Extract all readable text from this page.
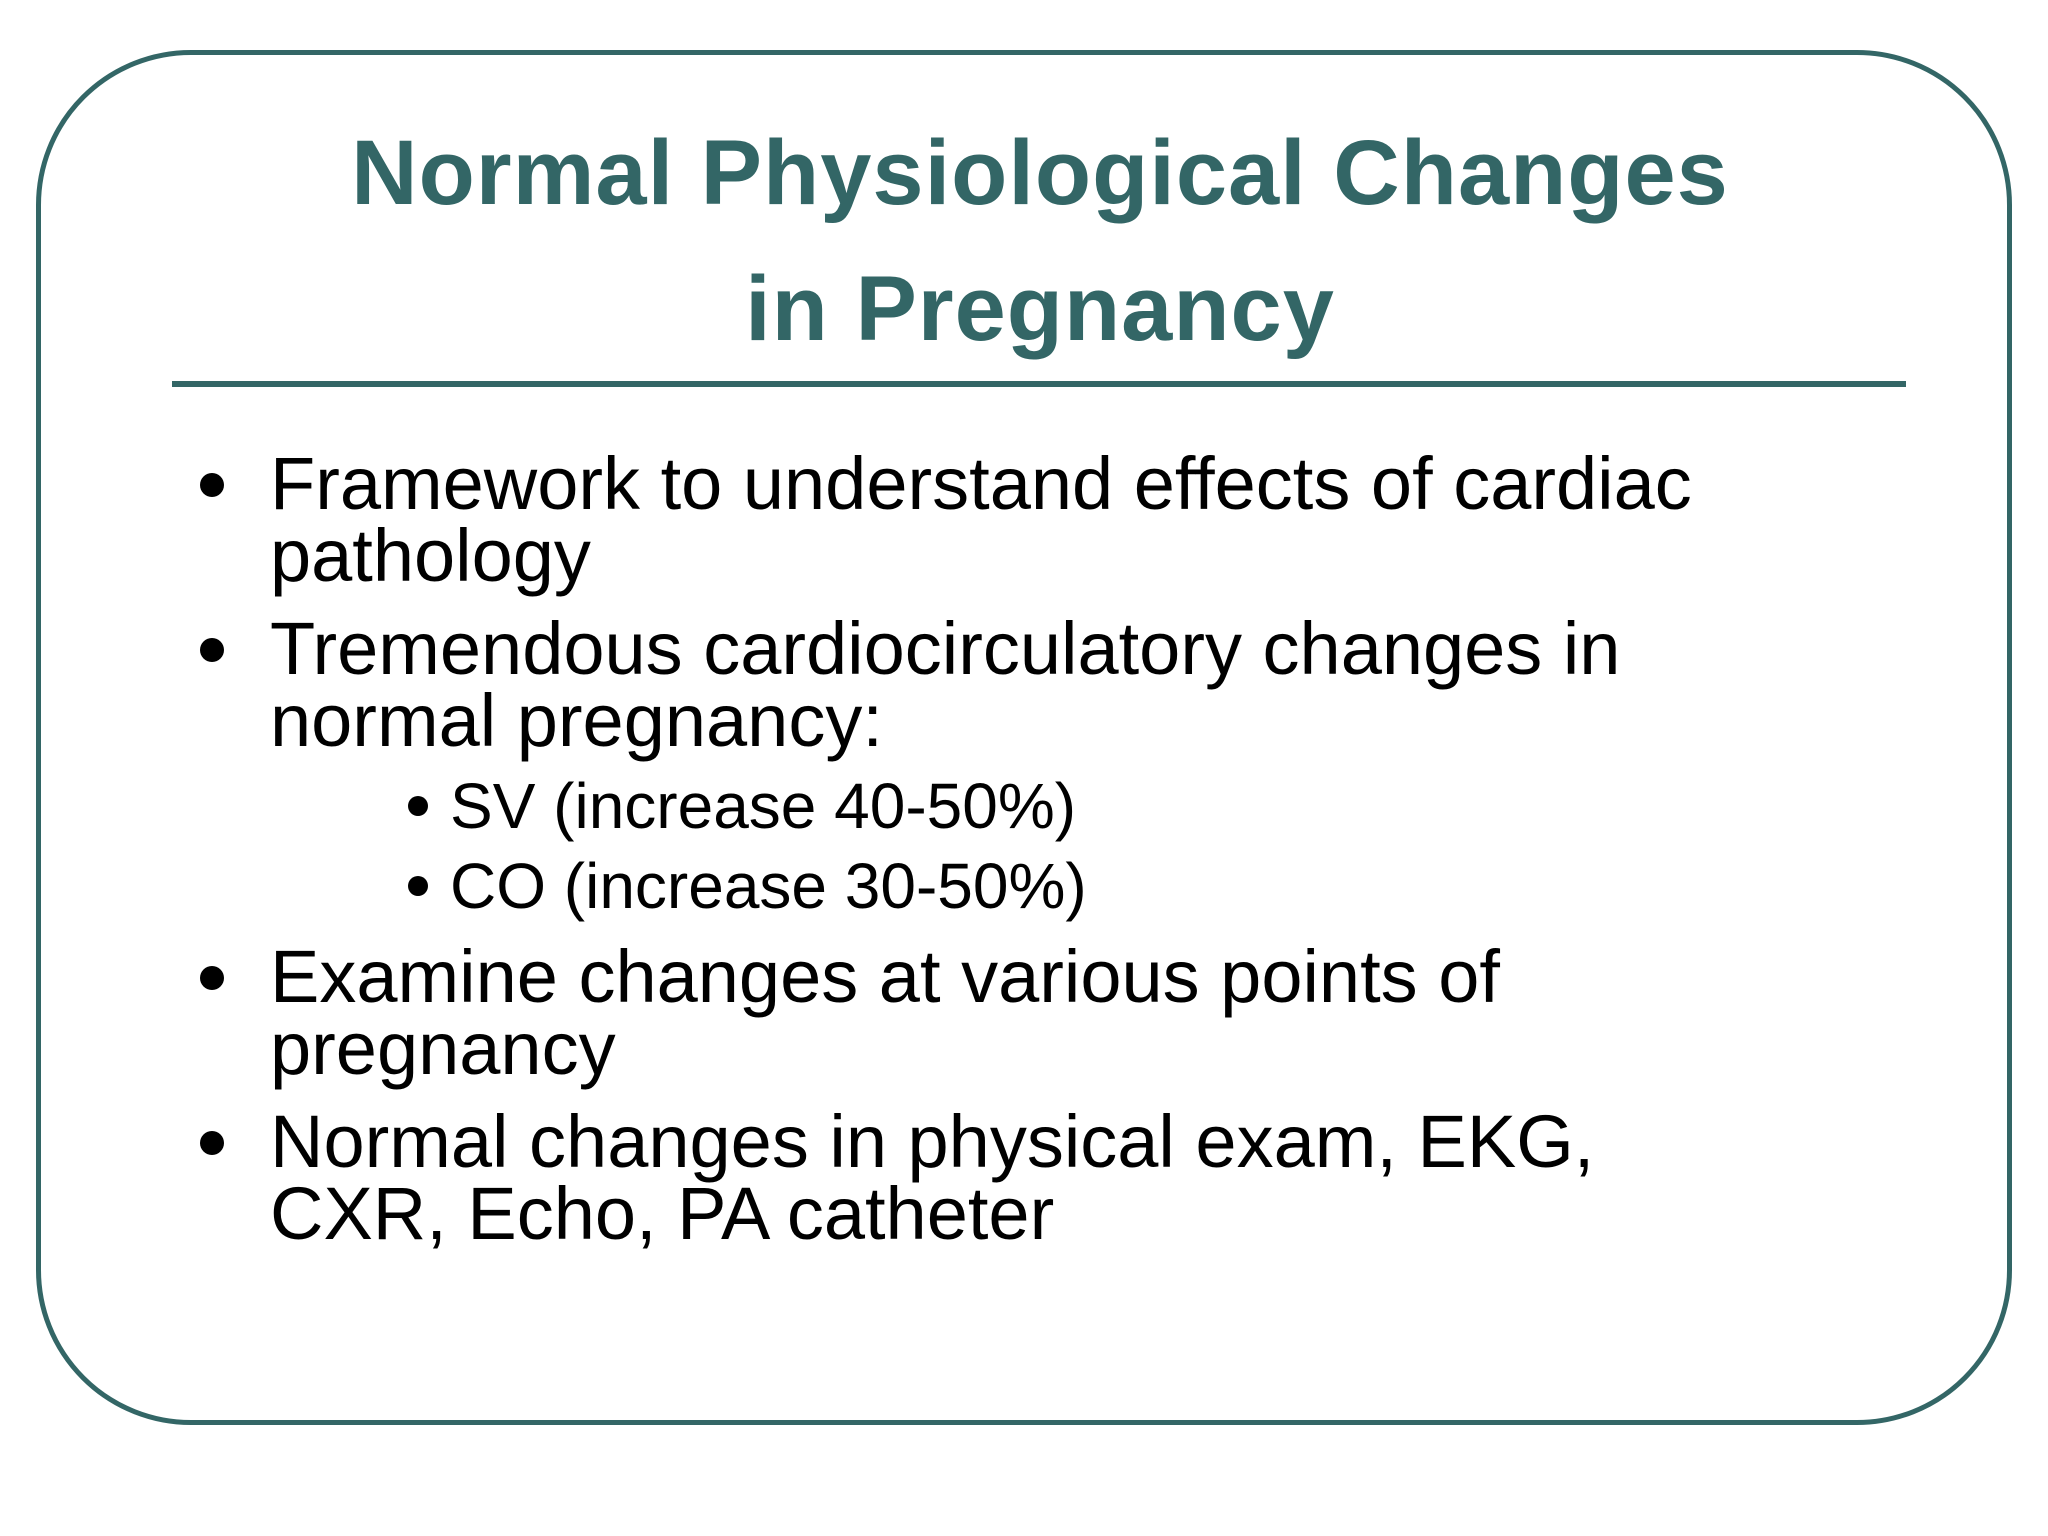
Normal Physiological Changes
in Pregnancy
Framework to understand effects of cardiac
pathology
Tremendous cardiocirculatory changes in
normal pregnancy:
SV (increase 40-50%)
CO (increase 30-50%)
Examine changes at various points of
pregnancy
Normal changes in physical exam, EKG,
CXR, Echo, PA catheter
